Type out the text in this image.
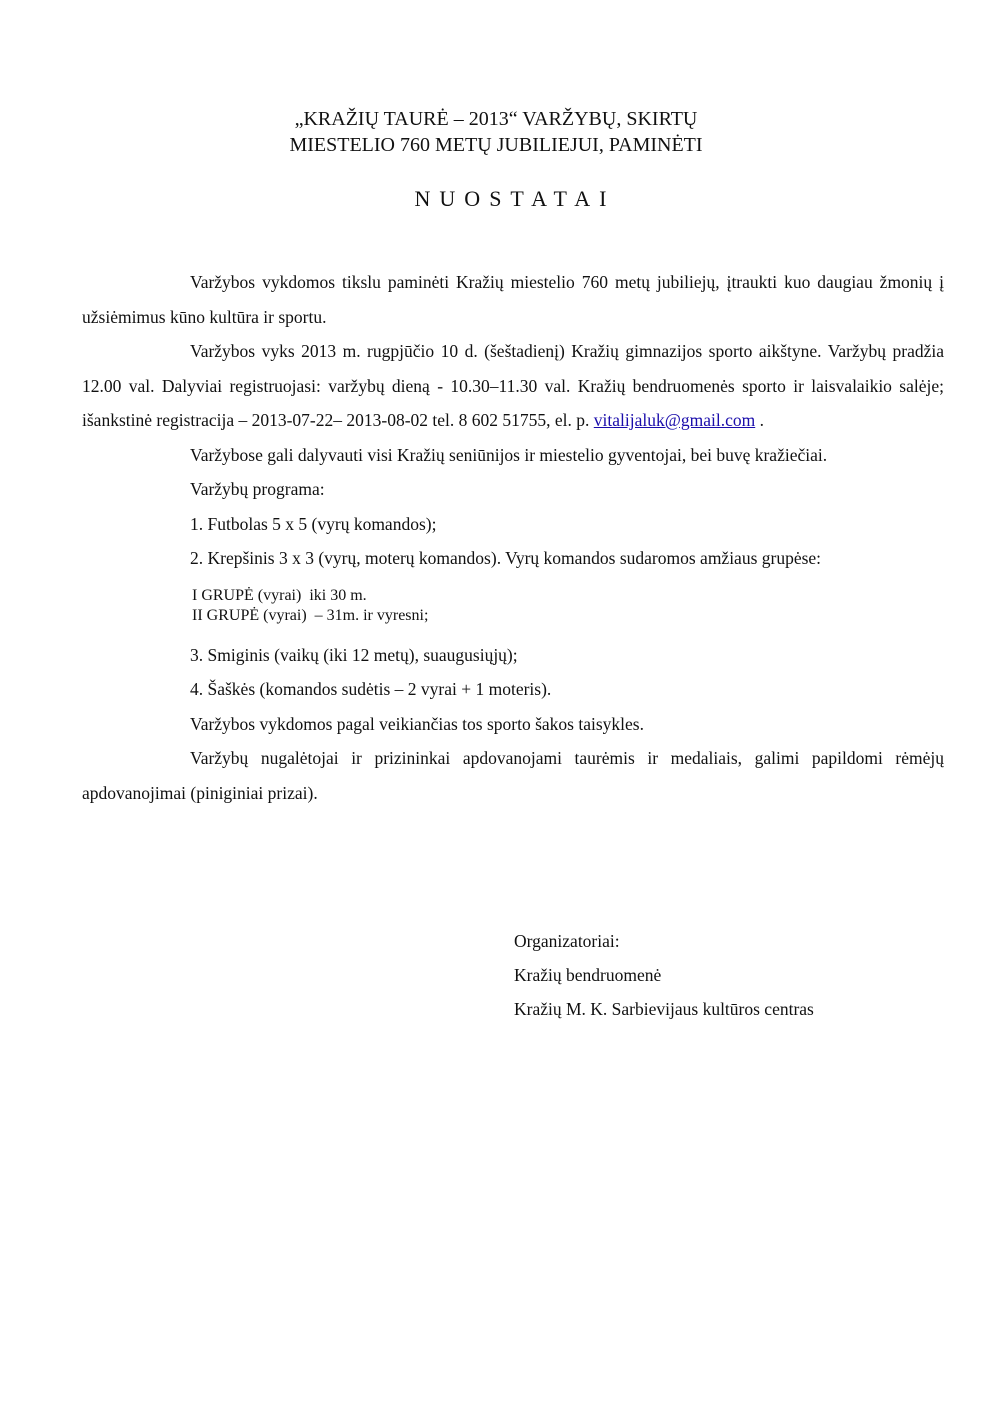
„KRAŽIŲ TAURĖ – 2013“ VARŽYBŲ, SKIRTŲ
MIESTELIO 760 METŲ JUBILIEJUI, PAMINĖTI
NUOSTATAI

Varžybos vykdomos tikslu paminėti Kražių miestelio 760 metų jubiliejų, įtraukti kuo daugiau žmonių į užsiėmimus kūno kultūra ir sportu.

Varžybos vyks 2013 m. rugpjūčio 10 d. (šeštadienį) Kražių gimnazijos sporto aikštyne. Varžybų pradžia 12.00 val. Dalyviai registruojasi: varžybų dieną - 10.30–11.30 val. Kražių bendruomenės sporto ir laisvalaikio salėje; išankstinė registracija – 2013-07-22– 2013-08-02 tel. 8 602 51755, el. p. vitalijaluk@gmail.com .

Varžybose gali dalyvauti visi Kražių seniūnijos ir miestelio gyventojai, bei buvę kražiečiai.

Varžybų programa:

1. Futbolas 5 x 5 (vyrų komandos);

2. Krepšinis 3 x 3 (vyrų, moterų komandos). Vyrų komandos sudaromos amžiaus grupėse:

I GRUPĖ (vyrai)  iki 30 m.
II GRUPĖ (vyrai)  – 31m. ir vyresni;

3. Smiginis (vaikų (iki 12 metų), suaugusiųjų);

4. Šaškės (komandos sudėtis – 2 vyrai + 1 moteris).

Varžybos vykdomos pagal veikiančias tos sporto šakos taisykles.

Varžybų nugalėtojai ir prizininkai apdovanojami taurėmis ir medaliais, galimi papildomi rėmėjų apdovanojimai (piniginiai prizai).

Organizatoriai:
Kražių bendruomenė
Kražių M. K. Sarbievijaus kultūros centras
